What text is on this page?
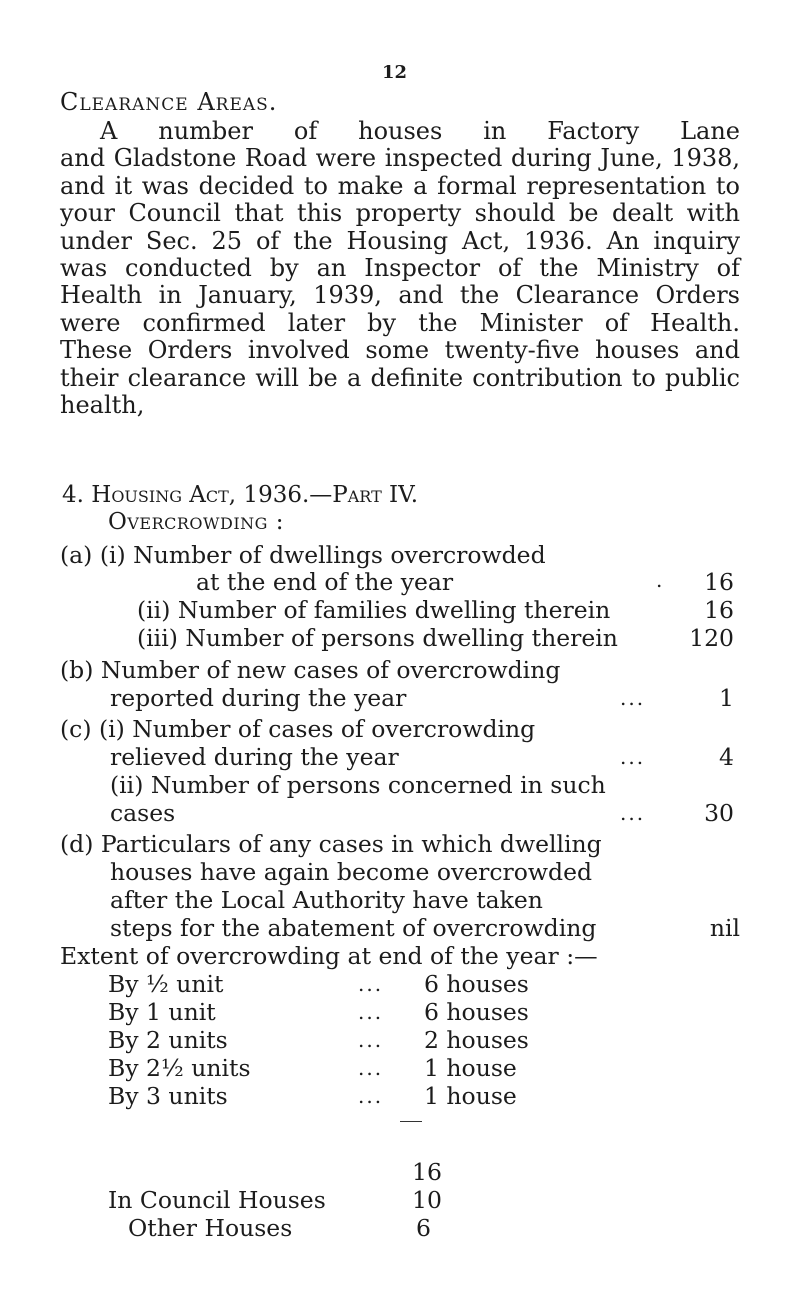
12
Clearance Areas.
A number of houses in Factory Lane
and Gladstone Road were inspected during June, 1938,
and it was decided to make a formal representation to
your Council that this property should be dealt with
under Sec. 25 of the Housing Act, 1936. An inquiry
was conducted by an Inspector of the Ministry of
Health in January, 1939, and the Clearance Orders
were confirmed later by the Minister of Health.
These Orders involved some twenty-five houses and
their clearance will be a definite contribution to public
health,
4. Housing Act, 1936.—Part IV.
Overcrowding :
(a) (i) Number of dwellings overcrowded
at the end of the year	.	16
(ii) Number of families dwelling therein	16
(iii) Number of persons dwelling therein	120
(b) Number of new cases of overcrowding
reported during the year	...	1
(c) (i) Number of cases of overcrowding
relieved during the year	...	4
(ii) Number of persons concerned in such
cases	...	30
(d) Particulars of any cases in which dwelling
houses have again become overcrowded
after the Local Authority have taken
steps for the abatement of overcrowding	nil
Extent of overcrowding at end of the year :—
By ½ unit	... 6 houses
By 1 unit	... 6 houses
By 2 units	... 2 houses
By 2½ units	... 1 house
By 3 units	... 1 house
16
In Council Houses	10
Other Houses	6
